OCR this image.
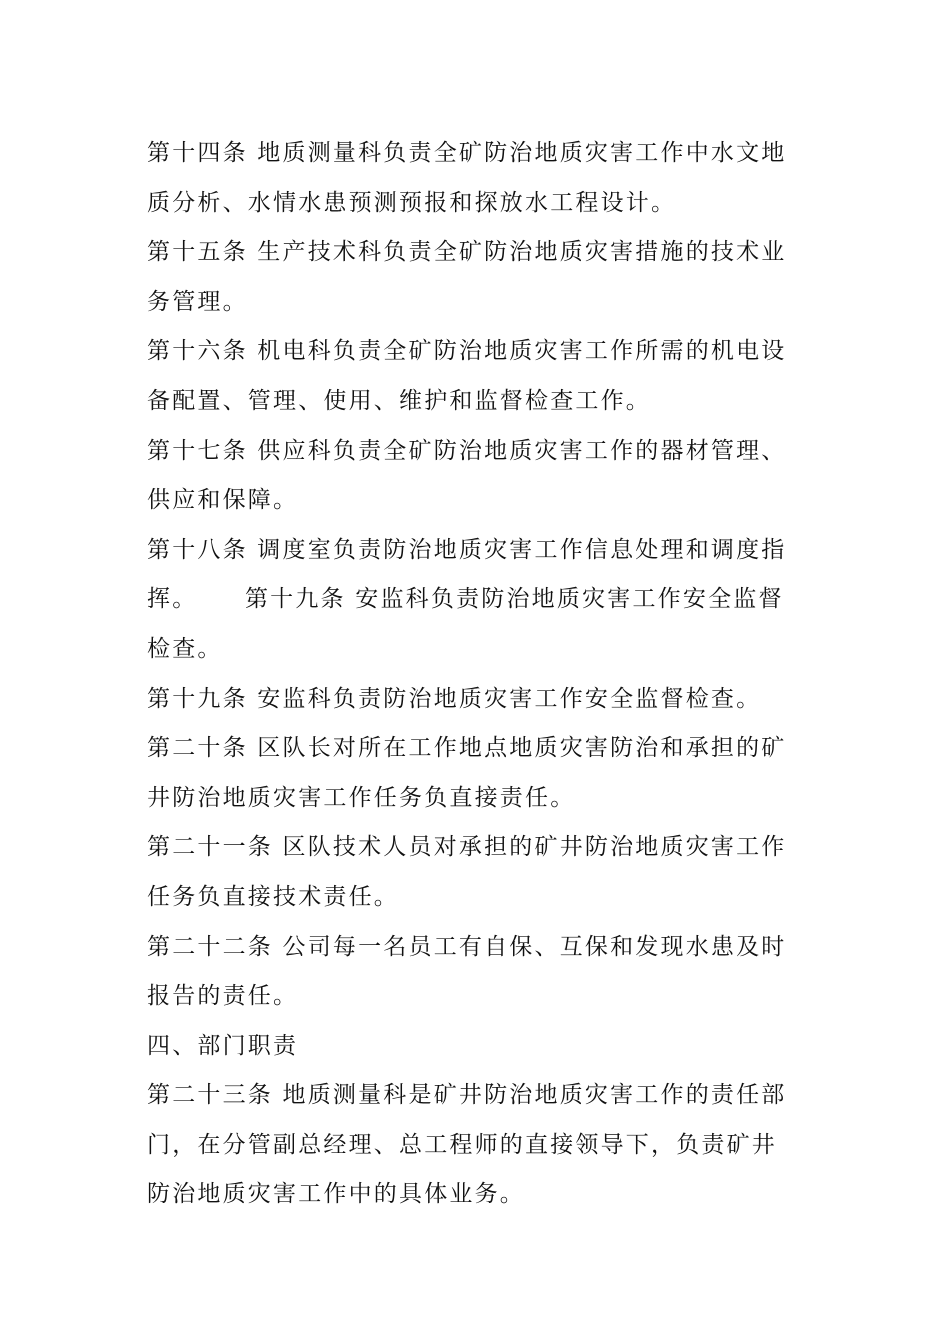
第十四条 地质测量科负责全矿防治地质灾害工作中水文地
质分析、水情水患预测预报和探放水工程设计。
第十五条 生产技术科负责全矿防治地质灾害措施的技术业
务管理。
第十六条 机电科负责全矿防治地质灾害工作所需的机电设
备配置、管理、使用、维护和监督检查工作。
第十七条 供应科负责全矿防治地质灾害工作的器材管理、
供应和保障。
第十八条 调度室负责防治地质灾害工作信息处理和调度指
挥。     第十九条 安监科负责防治地质灾害工作安全监督
检查。
第十九条 安监科负责防治地质灾害工作安全监督检查。
第二十条 区队长对所在工作地点地质灾害防治和承担的矿
井防治地质灾害工作任务负直接责任。
第二十一条 区队技术人员对承担的矿井防治地质灾害工作
任务负直接技术责任。
第二十二条 公司每一名员工有自保、互保和发现水患及时
报告的责任。
四、部门职责
第二十三条 地质测量科是矿井防治地质灾害工作的责任部
门，在分管副总经理、总工程师的直接领导下，负责矿井
防治地质灾害工作中的具体业务。
